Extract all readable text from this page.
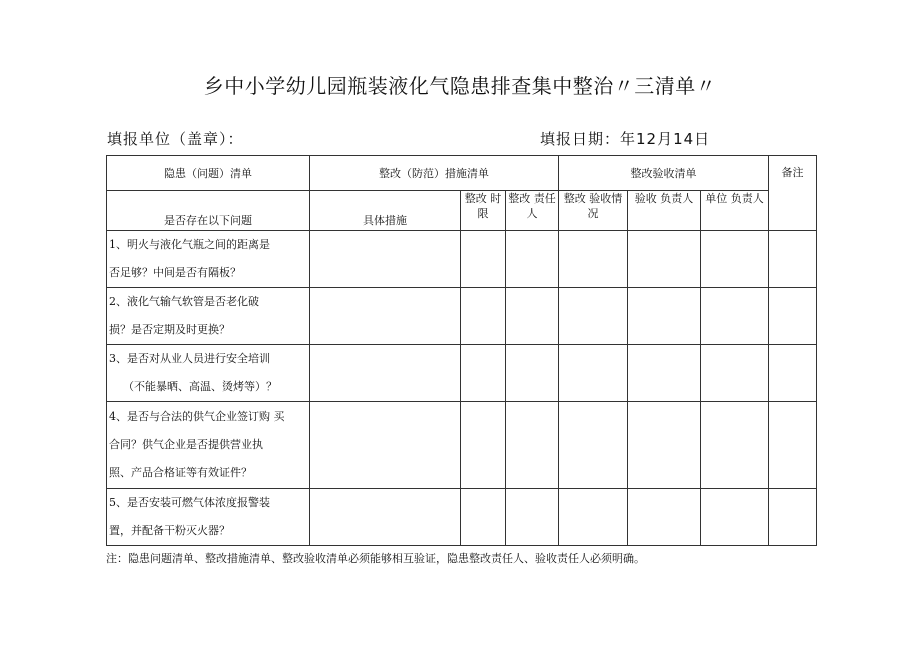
乡中小学幼儿园瓶装液化气隐患排查集中整治〃三清单〃
填报单位（盖章）：	填报日期：年12月14日
隐患（问题）清单	整改（防范）措施清单			整改验收清单			备注
是否存在以下问题	具体措施	整改 时限	整改 责任人	整改 验收情况	验收 负责人	单位 负责人	

1、明火与液化气瓶之间的距离是
否足够？中间是否有隔板？							

2、液化气输气软管是否老化破
损？是否定期及时更换？							

3、是否对从业人员进行安全培训
（不能暴晒、高温、烫烤等）？							

4、是否与合法的供气企业签订购 买
合同？供气企业是否提供营业执
照、产品合格证等有效证件？							

5、是否安装可燃气体浓度报警装
置，并配备干粉灭火器？							

注：隐患问题清单、整改措施清单、整改验收清单必须能够相互验证，隐患整改责任人、验收责任人必须明确。
